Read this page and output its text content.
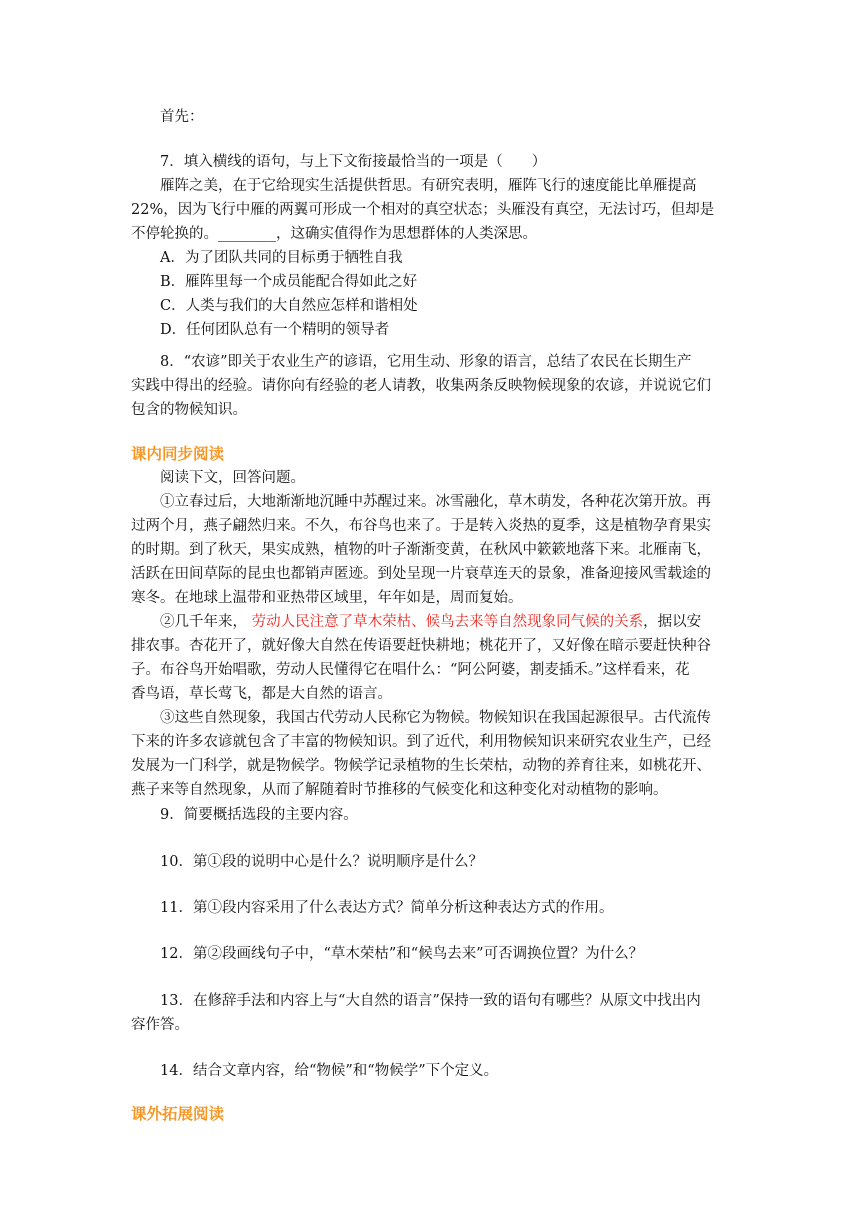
首先：
7．填入横线的语句，与上下文衔接最恰当的一项是（　　）
雁阵之美，在于它给现实生活提供哲思。有研究表明，雁阵飞行的速度能比单雁提高
22%，因为飞行中雁的两翼可形成一个相对的真空状态；头雁没有真空，无法讨巧，但却是
不停轮换的。________，这确实值得作为思想群体的人类深思。
A．为了团队共同的目标勇于牺牲自我
B．雁阵里每一个成员能配合得如此之好
C．人类与我们的大自然应怎样和谐相处
D．任何团队总有一个精明的领导者
8．“农谚”即关于农业生产的谚语，它用生动、形象的语言，总结了农民在长期生产
实践中得出的经验。请你向有经验的老人请教，收集两条反映物候现象的农谚，并说说它们
包含的物候知识。
课内同步阅读
阅读下文，回答问题。
①立春过后，大地渐渐地沉睡中苏醒过来。冰雪融化，草木萌发，各种花次第开放。再
过两个月，燕子翩然归来。不久，布谷鸟也来了。于是转入炎热的夏季，这是植物孕育果实
的时期。到了秋天，果实成熟，植物的叶子渐渐变黄，在秋风中簌簌地落下来。北雁南飞，
活跃在田间草际的昆虫也都销声匿迹。到处呈现一片衰草连天的景象，准备迎接风雪载途的
寒冬。在地球上温带和亚热带区域里，年年如是，周而复始。
②几千年来， 劳动人民注意了草木荣枯、候鸟去来等自然现象同气候的关系，据以安
排农事。杏花开了，就好像大自然在传语要赶快耕地；桃花开了，又好像在暗示要赶快种谷
子。布谷鸟开始唱歌，劳动人民懂得它在唱什么：“阿公阿婆，割麦插禾。”这样看来，花
香鸟语，草长莺飞，都是大自然的语言。
③这些自然现象，我国古代劳动人民称它为物候。物候知识在我国起源很早。古代流传
下来的许多农谚就包含了丰富的物候知识。到了近代，利用物候知识来研究农业生产，已经
发展为一门科学，就是物候学。物候学记录植物的生长荣枯，动物的养育往来，如桃花开、
燕子来等自然现象，从而了解随着时节推移的气候变化和这种变化对动植物的影响。
9．简要概括选段的主要内容。
10．第①段的说明中心是什么？说明顺序是什么？
11．第①段内容采用了什么表达方式？简单分析这种表达方式的作用。
12．第②段画线句子中，“草木荣枯”和“候鸟去来”可否调换位置？为什么？
13．在修辞手法和内容上与“大自然的语言”保持一致的语句有哪些？从原文中找出内
容作答。
14．结合文章内容，给“物候”和“物候学”下个定义。
课外拓展阅读
